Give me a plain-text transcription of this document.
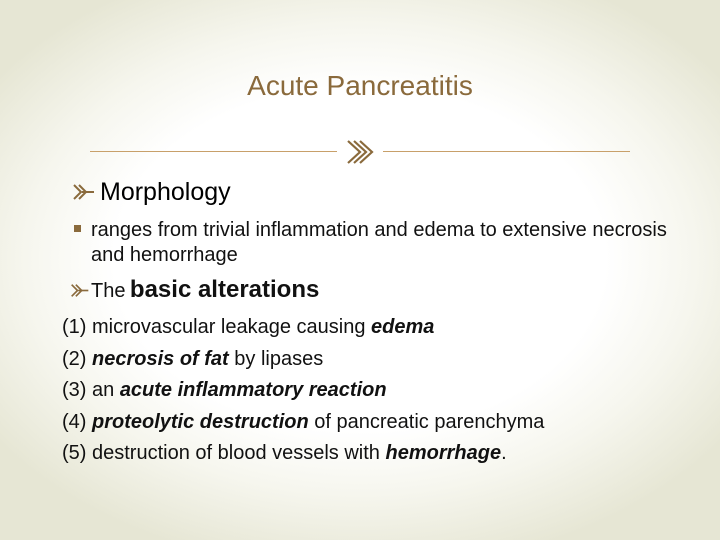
Acute Pancreatitis
Morphology
ranges from trivial inflammation and edema to extensive necrosis and hemorrhage
The basic alterations
(1) microvascular leakage causing edema
(2) necrosis of fat by lipases
(3) an acute inflammatory reaction
(4) proteolytic destruction of pancreatic parenchyma
(5) destruction of blood vessels with hemorrhage.
